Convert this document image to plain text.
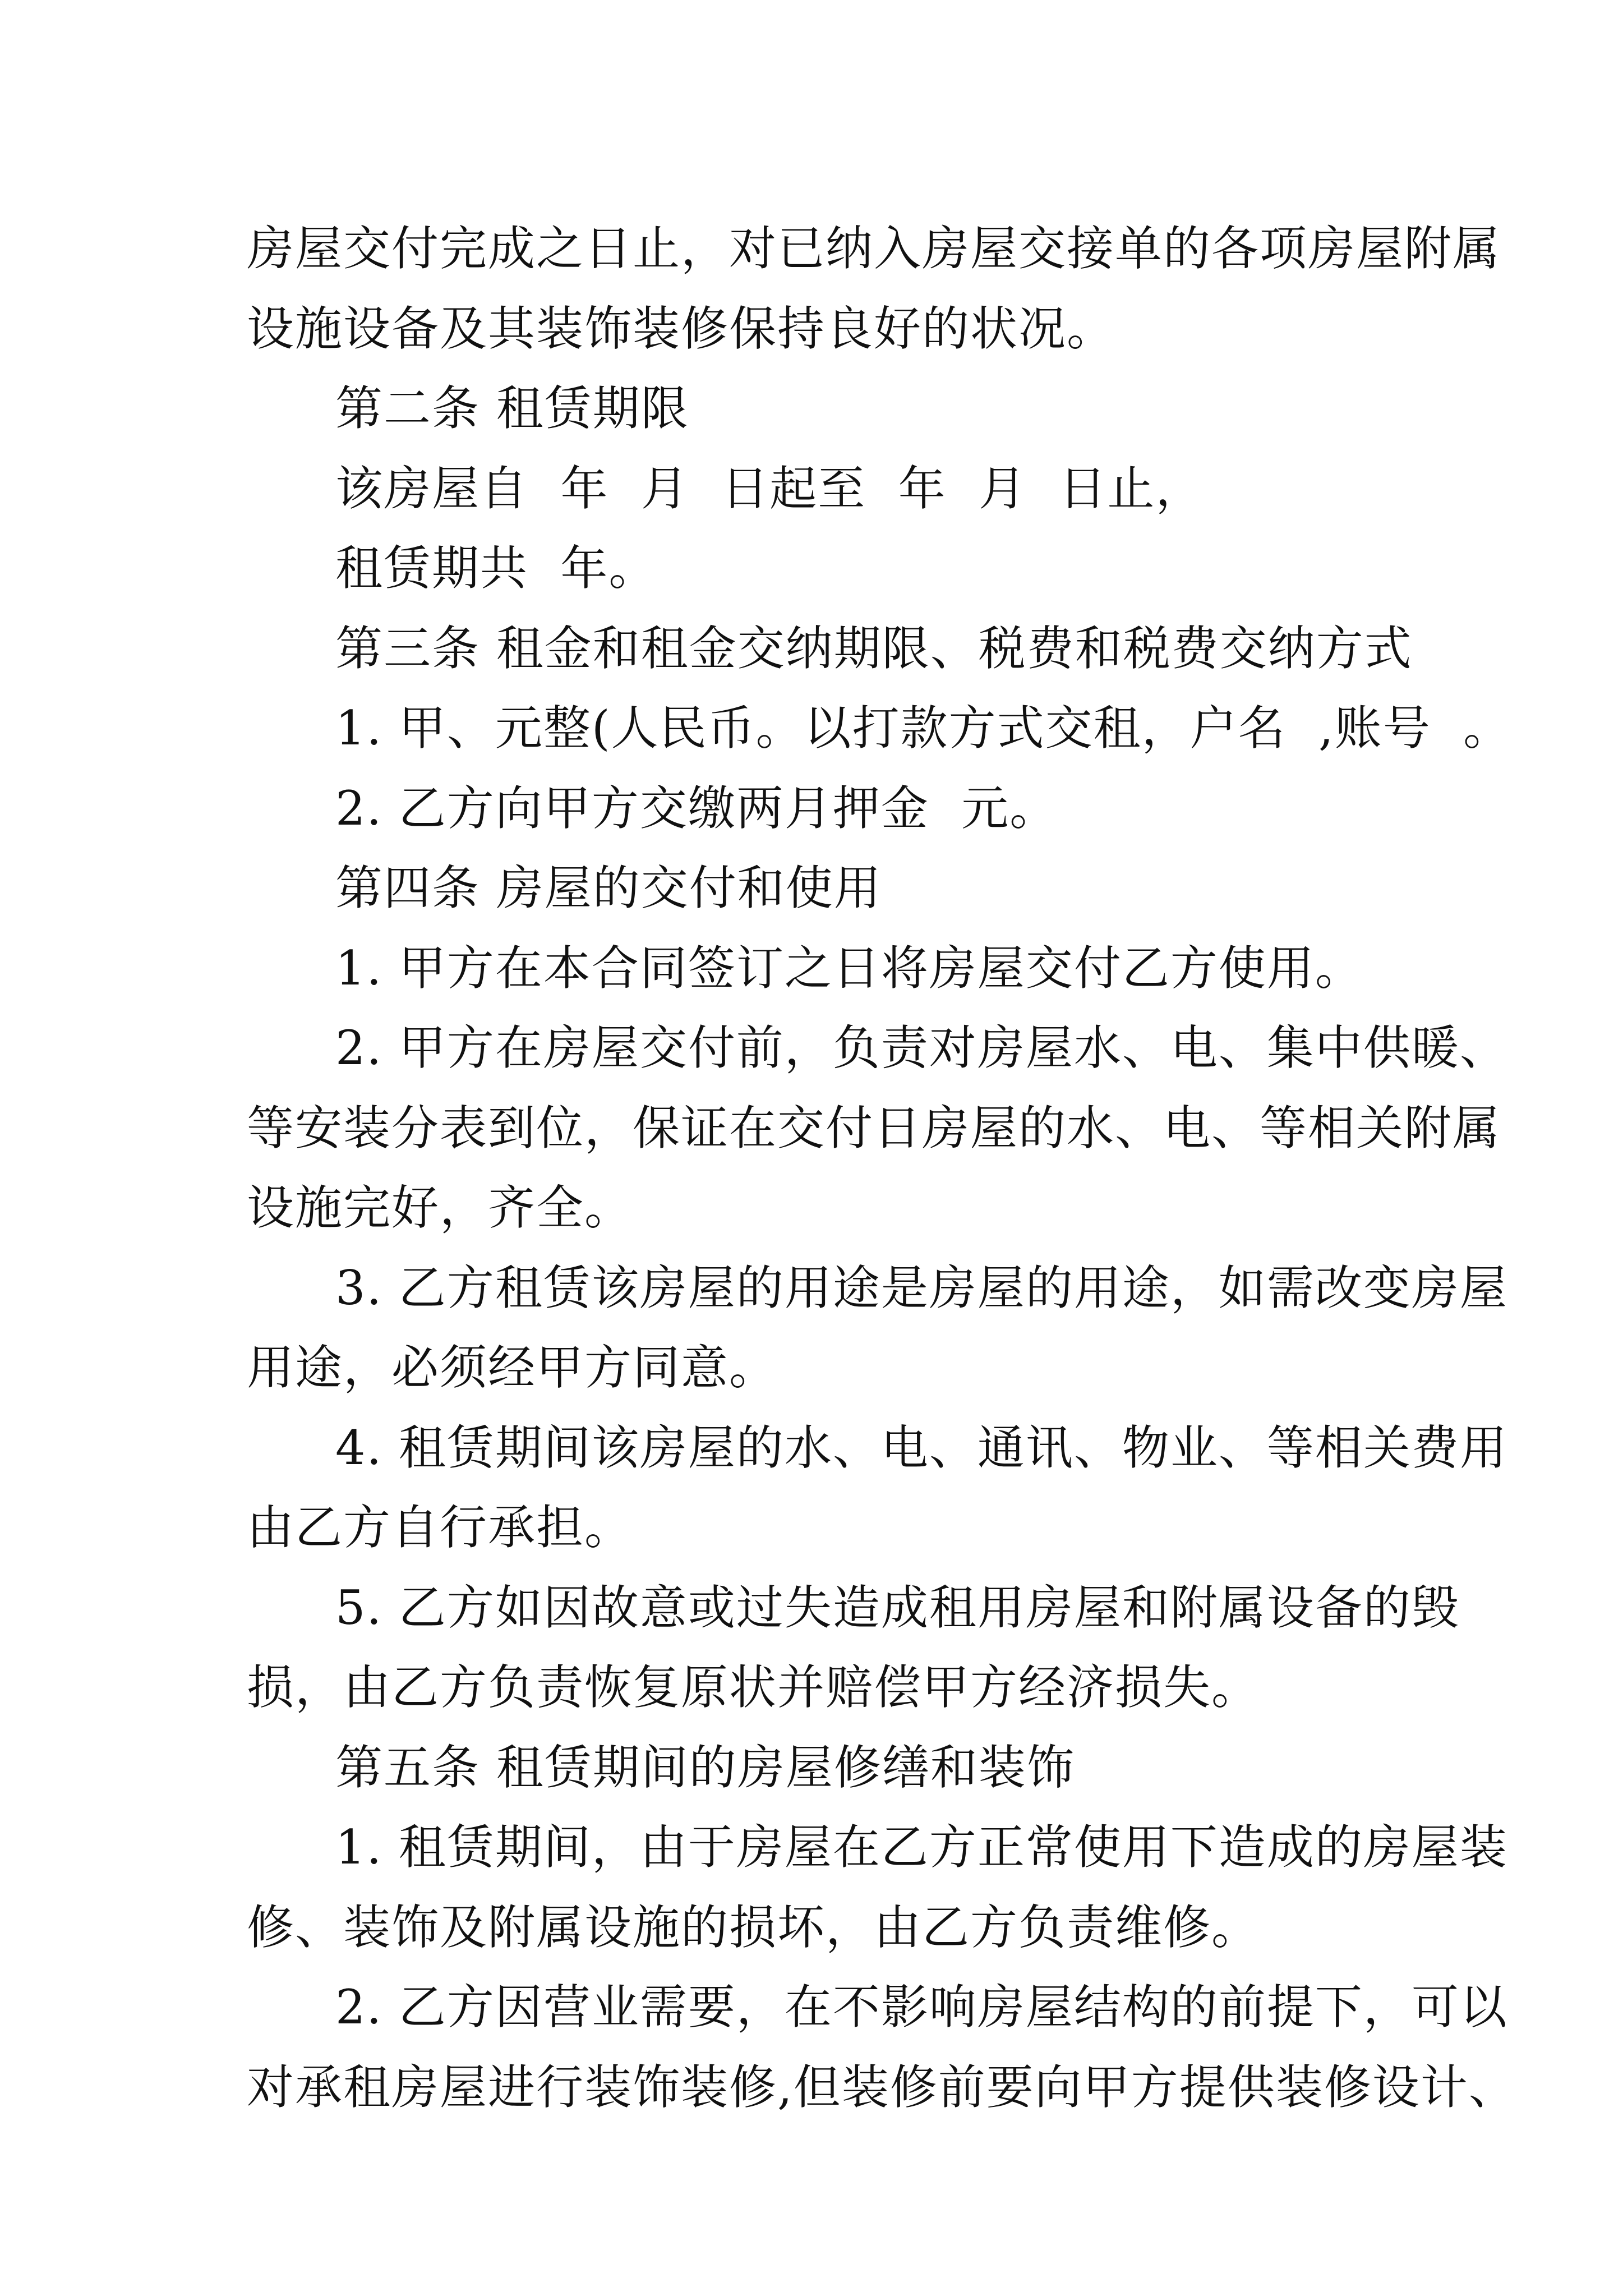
房屋交付完成之日止，对已纳入房屋交接单的各项房屋附属

设施设备及其装饰装修保持良好的状况。

第二条 租赁期限

该房屋自  年  月  日起至  年  月  日止，

租赁期共  年。

第三条 租金和租金交纳期限、税费和税费交纳方式

1. 甲、元整(人民币。以打款方式交租，户名  ,账号  。

2. 乙方向甲方交缴两月押金  元。

第四条 房屋的交付和使用

1. 甲方在本合同签订之日将房屋交付乙方使用。

2. 甲方在房屋交付前，负责对房屋水、电、集中供暖、

等安装分表到位，保证在交付日房屋的水、电、等相关附属

设施完好，齐全。

3. 乙方租赁该房屋的用途是房屋的用途，如需改变房屋

用途，必须经甲方同意。

4. 租赁期间该房屋的水、电、通讯、物业、等相关费用

由乙方自行承担。

5. 乙方如因故意或过失造成租用房屋和附属设备的毁

损，由乙方负责恢复原状并赔偿甲方经济损失。

第五条 租赁期间的房屋修缮和装饰

1. 租赁期间，由于房屋在乙方正常使用下造成的房屋装

修、装饰及附属设施的损坏，由乙方负责维修。

2. 乙方因营业需要，在不影响房屋结构的前提下，可以

对承租房屋进行装饰装修,但装修前要向甲方提供装修设计、
